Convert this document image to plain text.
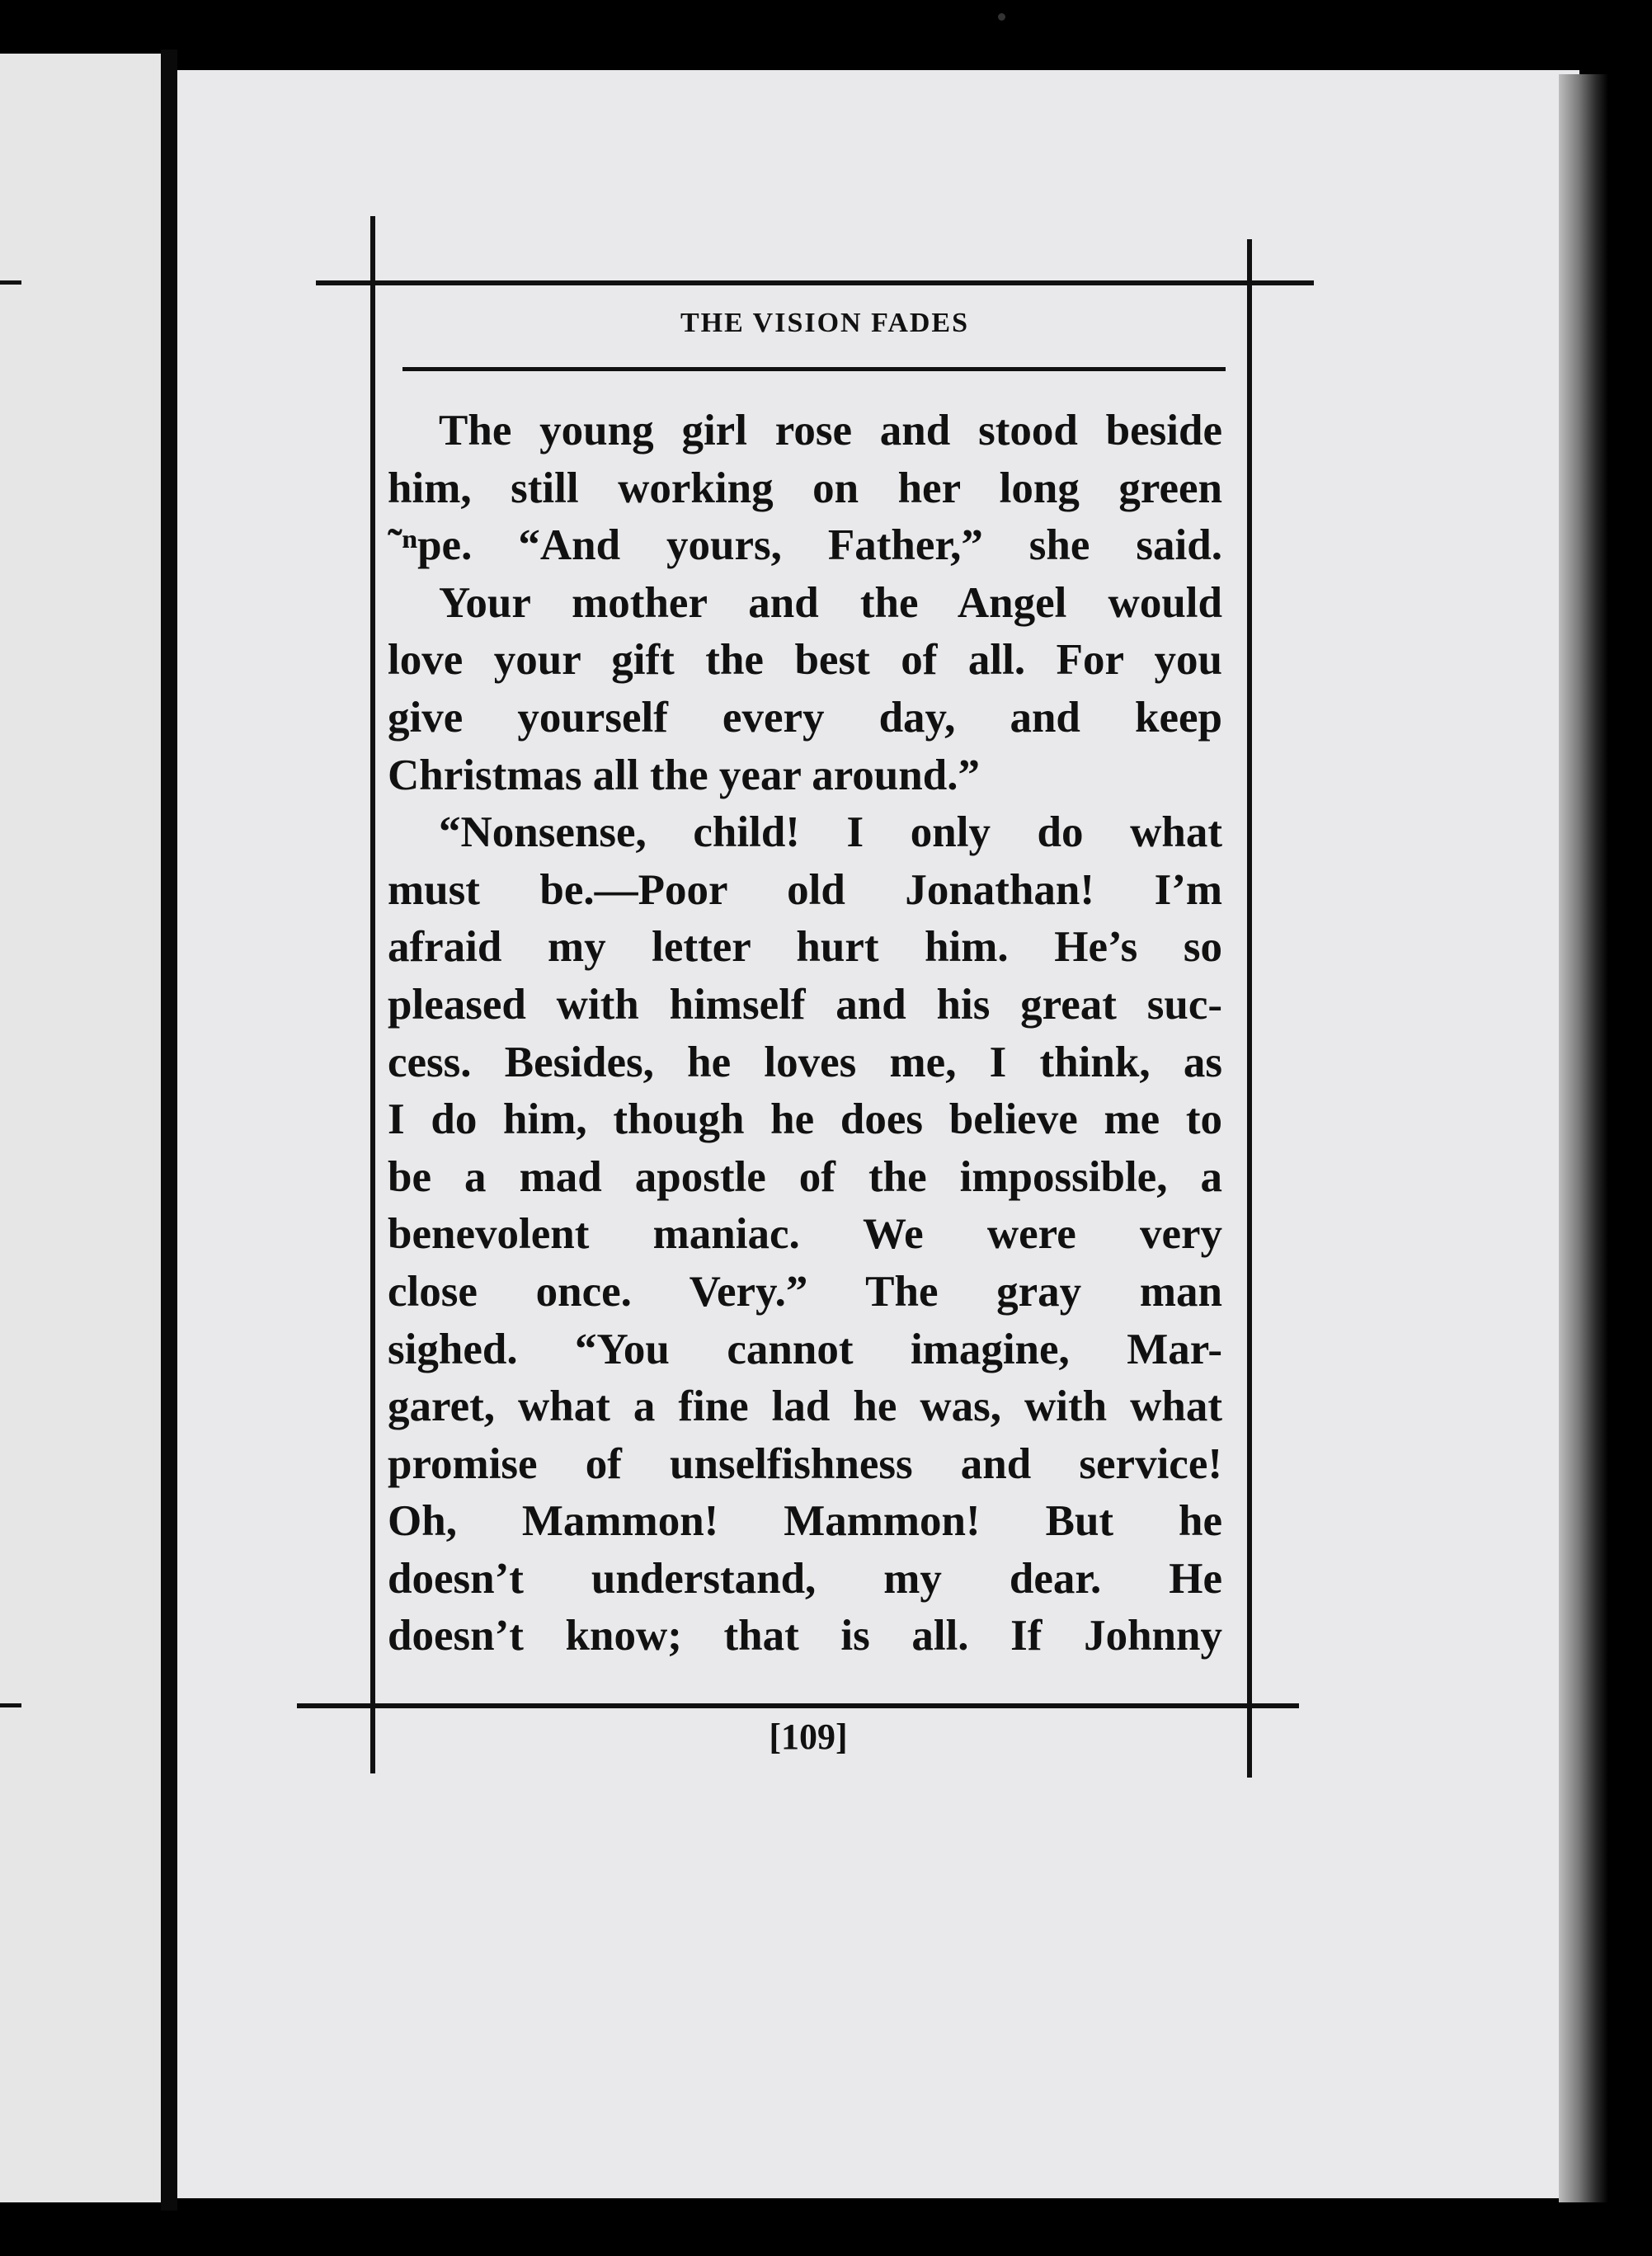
THE VISION FADES
The young girl rose and stood beside
him, still working on her long green
˜ⁿpe. “And yours, Father,” she said.
Your mother and the Angel would
love your gift the best of all. For you
give yourself every day, and keep
Christmas all the year around.”
“Nonsense, child! I only do what
must be.—Poor old Jonathan! I’m
afraid my letter hurt him. He’s so
pleased with himself and his great suc-
cess. Besides, he loves me, I think, as
I do him, though he does believe me to
be a mad apostle of the impossible, a
benevolent maniac. We were very
close once. Very.” The gray man
sighed. “You cannot imagine, Mar-
garet, what a fine lad he was, with what
promise of unselfishness and service!
Oh, Mammon! Mammon! But he
doesn’t understand, my dear. He
doesn’t know; that is all. If Johnny
[109]
